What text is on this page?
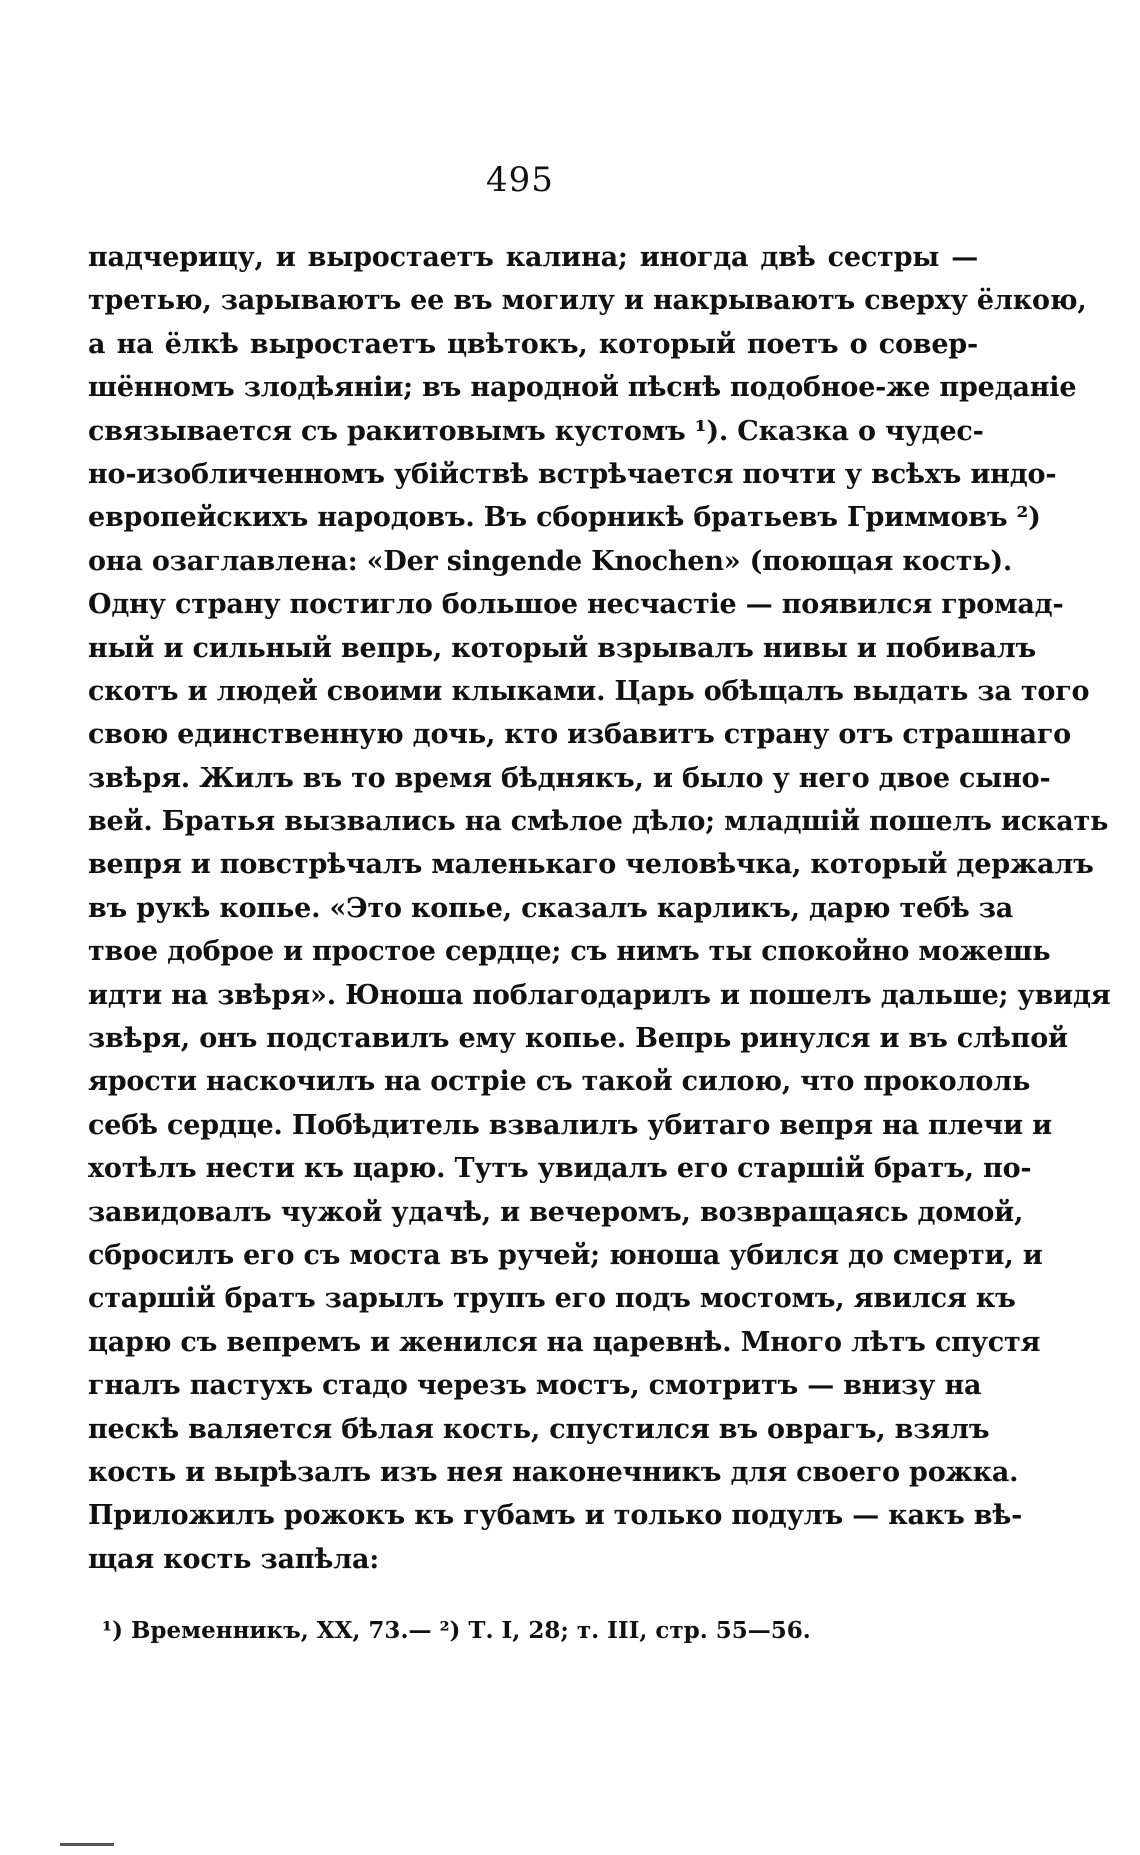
495
падчерицу, и выростаетъ калина; иногда двѣ сестры —
третью, зарываютъ ее въ могилу и накрываютъ сверху ёлкою,
а на ёлкѣ выростаетъ цвѣтокъ, который поетъ о совер-
шённомъ злодѣяніи; въ народной пѣснѣ подобное-же преданіе
связывается съ ракитовымъ кустомъ ¹). Сказка о чудес-
но-изобличенномъ убійствѣ встрѣчается почти у всѣхъ индо-
европейскихъ народовъ. Въ сборникѣ братьевъ Гриммовъ ²)
она озаглавлена: «Der singende Knochen» (поющая кость).
Одну страну постигло большое несчастіе — появился громад-
ный и сильный вепрь, который взрывалъ нивы и побивалъ
скотъ и людей своими клыками. Царь обѣщалъ выдать за того
свою единственную дочь, кто избавитъ страну отъ страшнаго
звѣря. Жилъ въ то время бѣднякъ, и было у него двое сыно-
вей. Братья вызвались на смѣлое дѣло; младшій пошелъ искать
вепря и повстрѣчалъ маленькаго человѣчка, который держалъ
въ рукѣ копье. «Это копье, сказалъ карликъ, дарю тебѣ за
твое доброе и простое сердце; съ нимъ ты спокойно можешь
идти на звѣря». Юноша поблагодарилъ и пошелъ дальше; увидя
звѣря, онъ подставилъ ему копье. Вепрь ринулся и въ слѣпой
ярости наскочилъ на остріе съ такой силою, что прокололь
себѣ сердце. Побѣдитель взвалилъ убитаго вепря на плечи и
хотѣлъ нести къ царю. Тутъ увидалъ его старшій братъ, по-
завидовалъ чужой удачѣ, и вечеромъ, возвращаясь домой,
сбросилъ его съ моста въ ручей; юноша убился до смерти, и
старшій братъ зарылъ трупъ его подъ мостомъ, явился къ
царю съ вепремъ и женился на царевнѣ. Много лѣтъ спустя
гналъ пастухъ стадо черезъ мостъ, смотритъ — внизу на
пескѣ валяется бѣлая кость, спустился въ оврагъ, взялъ
кость и вырѣзалъ изъ нея наконечникъ для своего рожка.
Приложилъ рожокъ къ губамъ и только подулъ — какъ вѣ-
щая кость запѣла:
¹) Временникъ, XX, 73.— ²) Т. I, 28; т. III, стр. 55—56.
